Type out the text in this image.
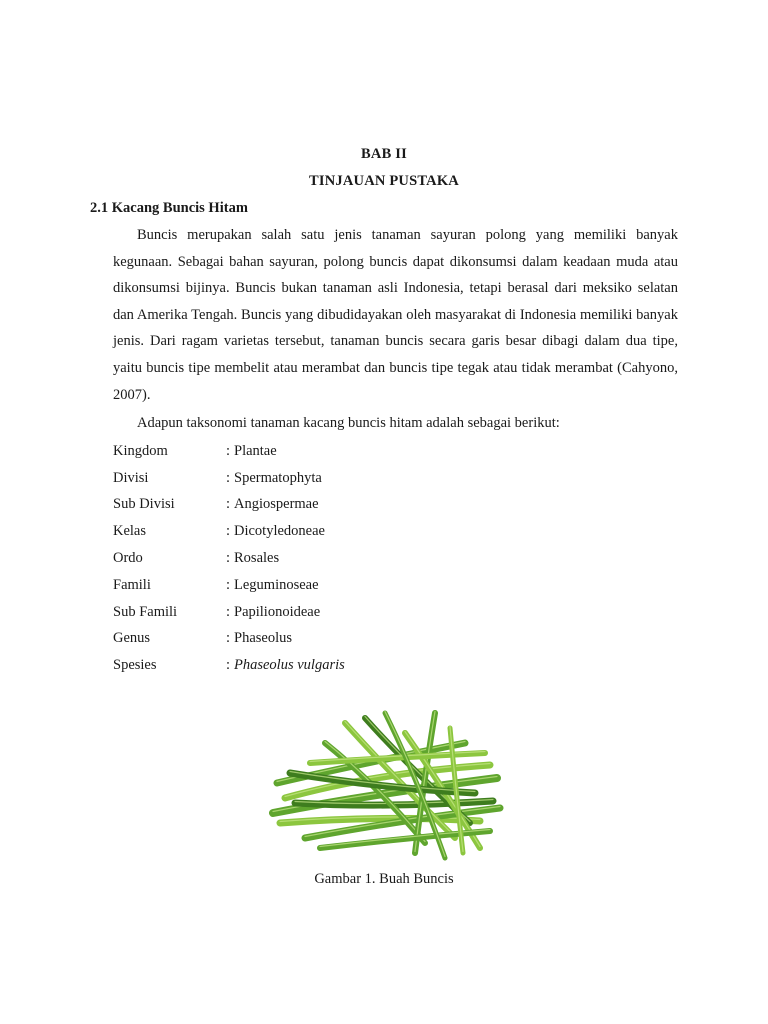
BAB II
TINJAUAN PUSTAKA
2.1 Kacang Buncis Hitam

Buncis merupakan salah satu jenis tanaman sayuran polong yang memiliki banyak kegunaan. Sebagai bahan sayuran, polong buncis dapat dikonsumsi dalam keadaan muda atau dikonsumsi bijinya. Buncis bukan tanaman asli Indonesia, tetapi berasal dari meksiko selatan dan Amerika Tengah. Buncis yang dibudidayakan oleh masyarakat di Indonesia memiliki banyak jenis. Dari ragam varietas tersebut, tanaman buncis secara garis besar dibagi dalam dua tipe, yaitu buncis tipe membelit atau merambat dan buncis tipe tegak atau tidak merambat (Cahyono, 2007).

Adapun taksonomi tanaman kacang buncis hitam adalah sebagai berikut:

Kingdom	: Plantae
Divisi	: Spermatophyta
Sub Divisi	: Angiospermae
Kelas	: Dicotyledoneae
Ordo	: Rosales
Famili	: Leguminoseae
Sub Famili	: Papilionoideae
Genus	: Phaseolus
Spesies	: Phaseolus vulgaris
Gambar 1. Buah Buncis
